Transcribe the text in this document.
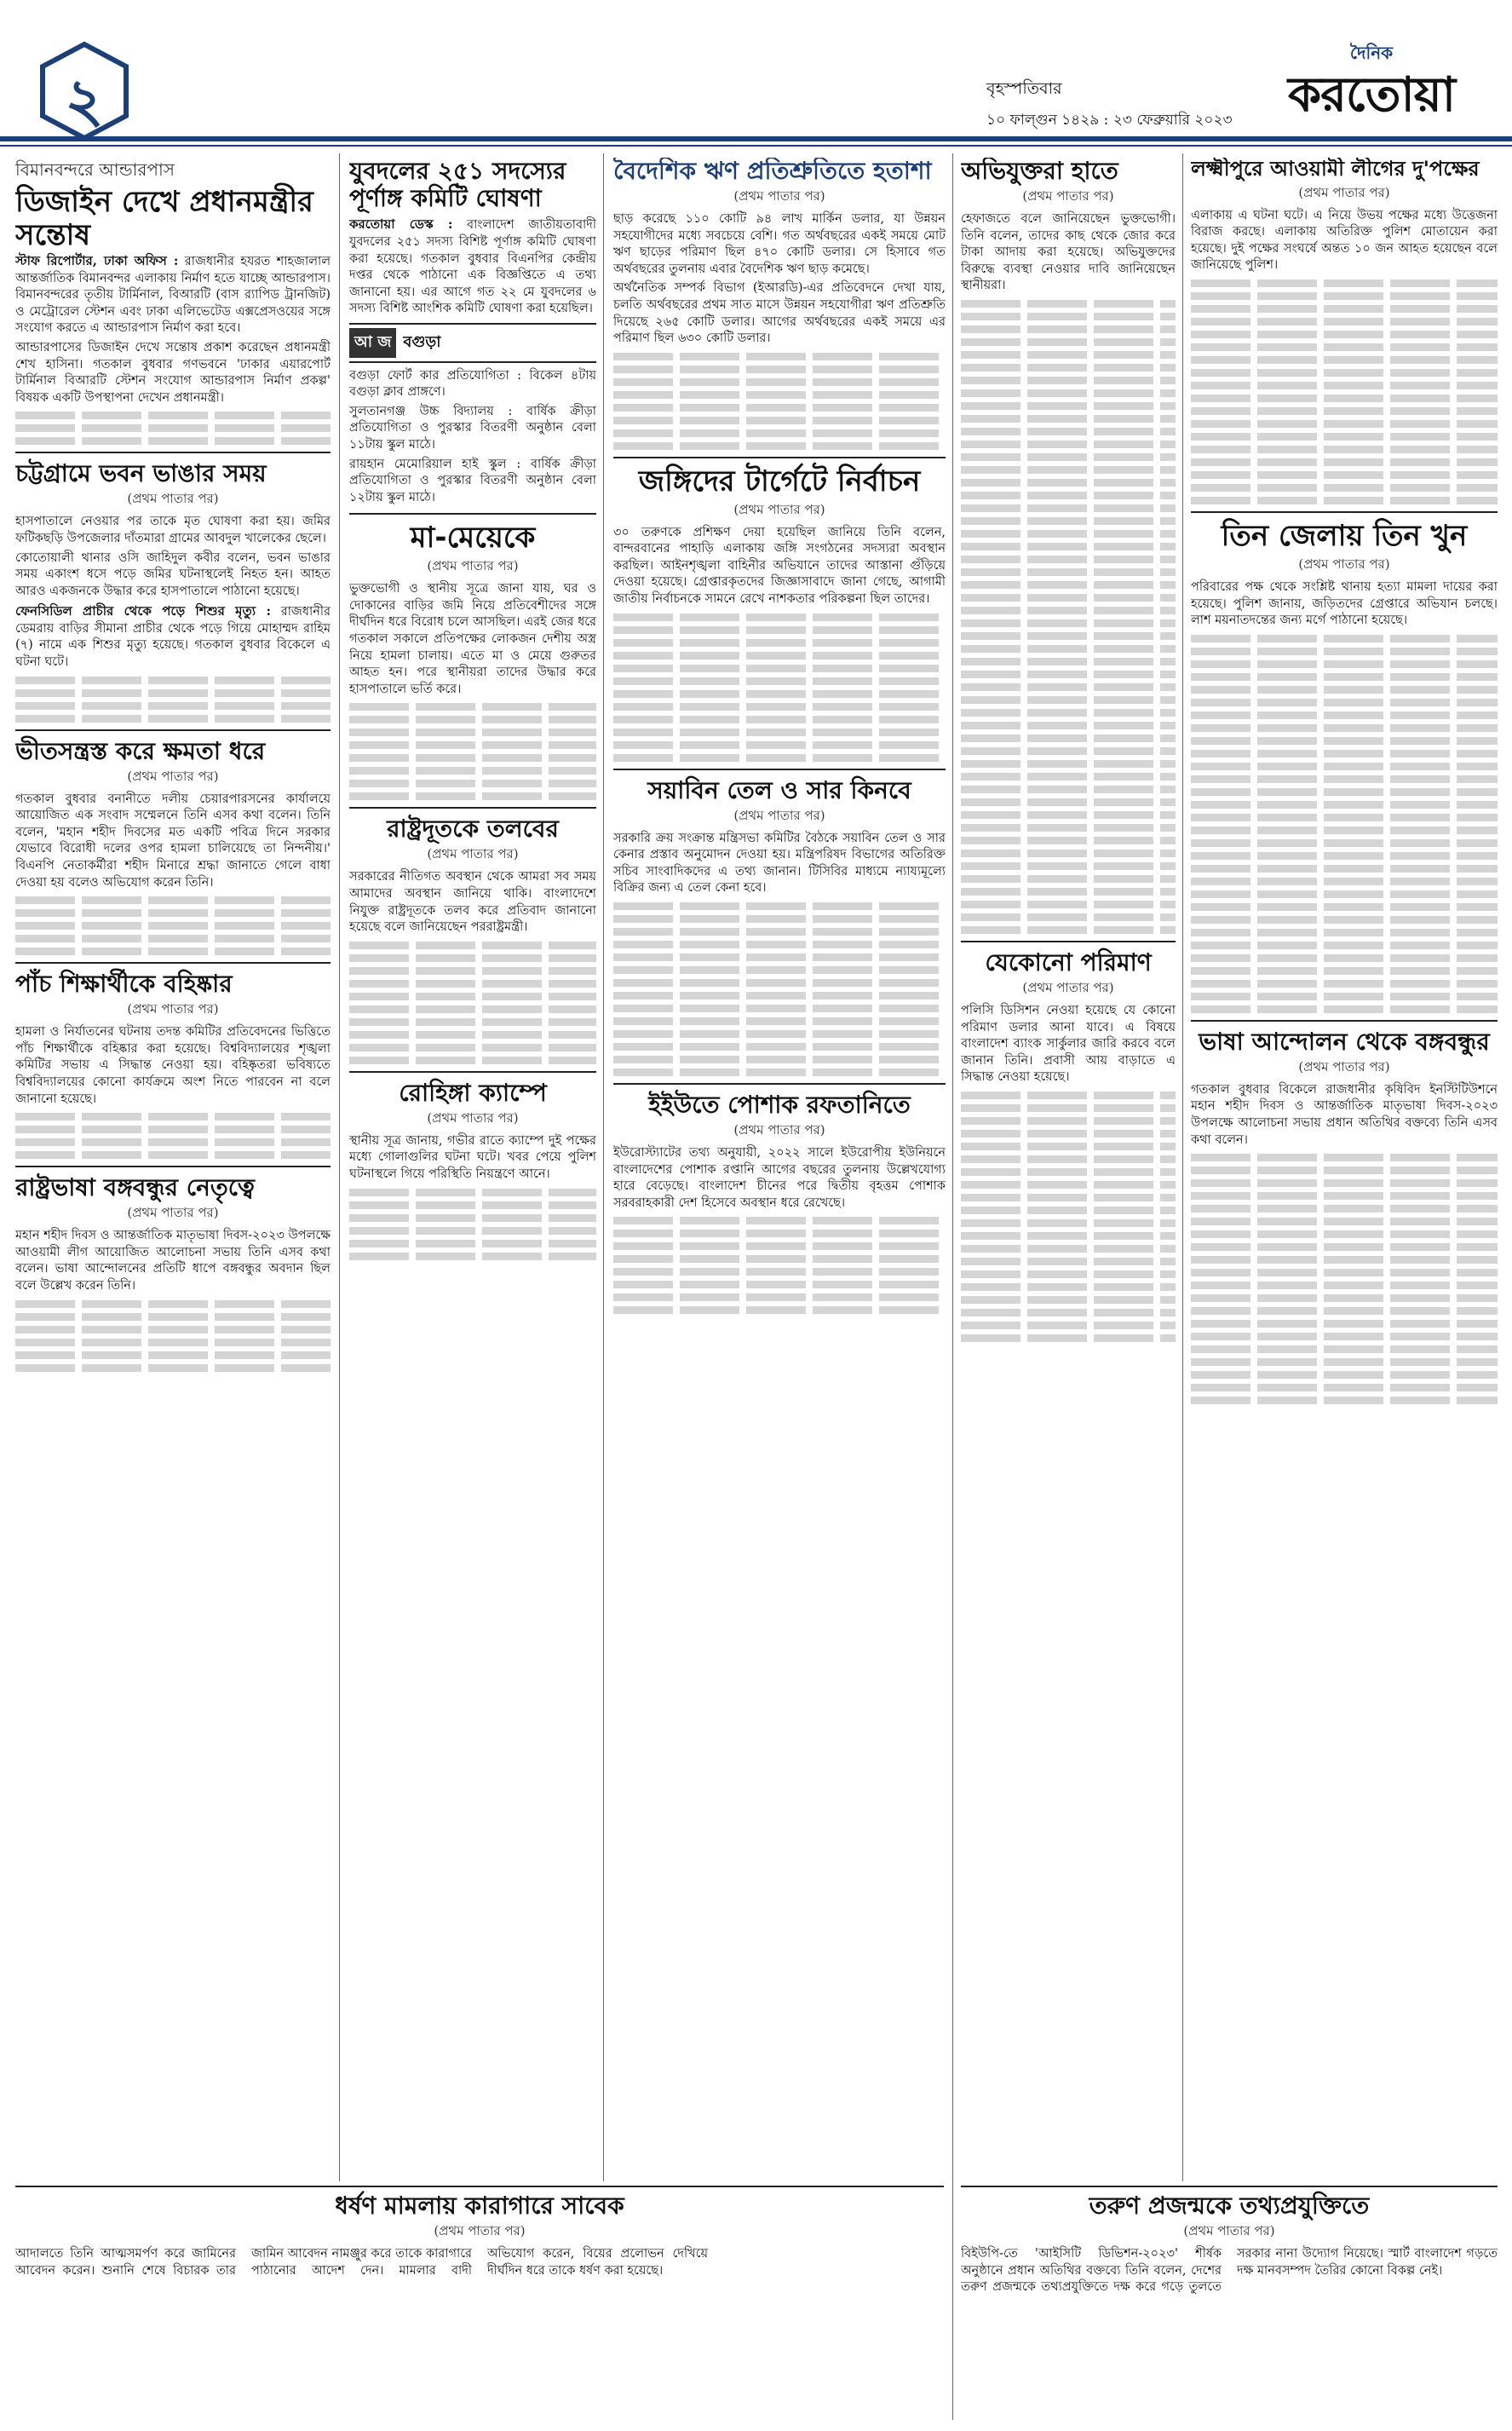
২	বৃহস্পতিবার
দৈনিক
করতোয়া
১০ ফাল্গুন ১৪২৯ : ২৩ ফেব্রুয়ারি ২০২৩
বিমানবন্দরে আন্ডারপাস
ডিজাইন দেখে প্রধানমন্ত্রীর সন্তোষ

স্টাফ রিপোর্টার, ঢাকা অফিস : রাজধানীর হযরত শাহজালাল আন্তর্জাতিক বিমানবন্দর এলাকায় নির্মাণ হতে যাচ্ছে আন্ডারপাস। বিমানবন্দরের তৃতীয় টার্মিনাল, বিআরটি (বাস র‌্যাপিড ট্রানজিট) ও মেট্রোরেল স্টেশন এবং ঢাকা এলিভেটেড এক্সপ্রেসওয়ের সঙ্গে সংযোগ করতে এ আন্ডারপাস নির্মাণ করা হবে।

আন্ডারপাসের ডিজাইন দেখে সন্তোষ প্রকাশ করেছেন প্রধানমন্ত্রী শেখ হাসিনা। গতকাল বুধবার গণভবনে 'ঢাকার এয়ারপোর্ট টার্মিনাল বিআরটি স্টেশন সংযোগ আন্ডারপাস নির্মাণ প্রকল্প' বিষয়ক একটি উপস্থাপনা দেখেন প্রধানমন্ত্রী।

চট্টগ্রামে ভবন ভাঙার সময়
(প্রথম পাতার পর)

হাসপাতালে নেওয়ার পর তাকে মৃত ঘোষণা করা হয়। জমির ফটিকছড়ি উপজেলার দাঁতমারা গ্রামের আবদুল খালেকের ছেলে।

কোতোয়ালী থানার ওসি জাহিদুল কবীর বলেন, ভবন ভাঙার সময় একাংশ ধসে পড়ে জমির ঘটনাস্থলেই নিহত হন। আহত আরও একজনকে উদ্ধার করে হাসপাতালে পাঠানো হয়েছে।

ফেনসিডিল প্রাচীর থেকে পড়ে শিশুর মৃত্যু : রাজধানীর ডেমরায় বাড়ির সীমানা প্রাচীর থেকে পড়ে গিয়ে মোহাম্মদ রাহিম (৭) নামে এক শিশুর মৃত্যু হয়েছে। গতকাল বুধবার বিকেলে এ ঘটনা ঘটে।

ভীতসন্ত্রস্ত করে ক্ষমতা ধরে
(প্রথম পাতার পর)

গতকাল বুধবার বনানীতে দলীয় চেয়ারপারসনের কার্যালয়ে আয়োজিত এক সংবাদ সম্মেলনে তিনি এসব কথা বলেন। তিনি বলেন, 'মহান শহীদ দিবসের মত একটি পবিত্র দিনে সরকার যেভাবে বিরোধী দলের ওপর হামলা চালিয়েছে তা নিন্দনীয়।' বিএনপি নেতাকর্মীরা শহীদ মিনারে শ্রদ্ধা জানাতে গেলে বাধা দেওয়া হয় বলেও অভিযোগ করেন তিনি।

পাঁচ শিক্ষার্থীকে বহিষ্কার
(প্রথম পাতার পর)

হামলা ও নির্যাতনের ঘটনায় তদন্ত কমিটির প্রতিবেদনের ভিত্তিতে পাঁচ শিক্ষার্থীকে বহিষ্কার করা হয়েছে। বিশ্ববিদ্যালয়ের শৃঙ্খলা কমিটির সভায় এ সিদ্ধান্ত নেওয়া হয়। বহিষ্কৃতরা ভবিষ্যতে বিশ্ববিদ্যালয়ের কোনো কার্যক্রমে অংশ নিতে পারবেন না বলে জানানো হয়েছে।

রাষ্ট্রভাষা বঙ্গবন্ধুর নেতৃত্বে
(প্রথম পাতার পর)

মহান শহীদ দিবস ও আন্তর্জাতিক মাতৃভাষা দিবস-২০২৩ উপলক্ষে আওয়ামী লীগ আয়োজিত আলোচনা সভায় তিনি এসব কথা বলেন। ভাষা আন্দোলনের প্রতিটি ধাপে বঙ্গবন্ধুর অবদান ছিল বলে উল্লেখ করেন তিনি।

যুবদলের ২৫১ সদস্যের পূর্ণাঙ্গ কমিটি ঘোষণা

করতোয়া ডেস্ক : বাংলাদেশ জাতীয়তাবাদী যুবদলের ২৫১ সদস্য বিশিষ্ট পূর্ণাঙ্গ কমিটি ঘোষণা করা হয়েছে। গতকাল বুধবার বিএনপির কেন্দ্রীয় দপ্তর থেকে পাঠানো এক বিজ্ঞপ্তিতে এ তথ্য জানানো হয়। এর আগে গত ২২ মে যুবদলের ৬ সদস্য বিশিষ্ট আংশিক কমিটি ঘোষণা করা হয়েছিল।

আ জ বগুড়া

বগুড়া ফোর্ট কার প্রতিযোগিতা : বিকেল ৪টায় বগুড়া ক্লাব প্রাঙ্গণে।

সুলতানগঞ্জ উচ্চ বিদ্যালয় : বার্ষিক ক্রীড়া প্রতিযোগিতা ও পুরস্কার বিতরণী অনুষ্ঠান বেলা ১১টায় স্কুল মাঠে।

রায়হান মেমোরিয়াল হাই স্কুল : বার্ষিক ক্রীড়া প্রতিযোগিতা ও পুরস্কার বিতরণী অনুষ্ঠান বেলা ১২টায় স্কুল মাঠে।

মা-মেয়েকে
(প্রথম পাতার পর)

ভুক্তভোগী ও স্থানীয় সূত্রে জানা যায়, ঘর ও দোকানের বাড়ির জমি নিয়ে প্রতিবেশীদের সঙ্গে দীর্ঘদিন ধরে বিরোধ চলে আসছিল। এরই জের ধরে গতকাল সকালে প্রতিপক্ষের লোকজন দেশীয় অস্ত্র নিয়ে হামলা চালায়। এতে মা ও মেয়ে গুরুতর আহত হন। পরে স্থানীয়রা তাদের উদ্ধার করে হাসপাতালে ভর্তি করে।

রাষ্ট্রদূতকে তলবের
(প্রথম পাতার পর)

সরকারের নীতিগত অবস্থান থেকে আমরা সব সময় আমাদের অবস্থান জানিয়ে থাকি। বাংলাদেশে নিযুক্ত রাষ্ট্রদূতকে তলব করে প্রতিবাদ জানানো হয়েছে বলে জানিয়েছেন পররাষ্ট্রমন্ত্রী।

রোহিঙ্গা ক্যাম্পে
(প্রথম পাতার পর)

স্থানীয় সূত্র জানায়, গভীর রাতে ক্যাম্পে দুই পক্ষের মধ্যে গোলাগুলির ঘটনা ঘটে। খবর পেয়ে পুলিশ ঘটনাস্থলে গিয়ে পরিস্থিতি নিয়ন্ত্রণে আনে।

বৈদেশিক ঋণ প্রতিশ্রুতিতে হতাশা
(প্রথম পাতার পর)

ছাড় করেছে ১১০ কোটি ৯৪ লাখ মার্কিন ডলার, যা উন্নয়ন সহযোগীদের মধ্যে সবচেয়ে বেশি। গত অর্থবছরের একই সময়ে মোট ঋণ ছাড়ের পরিমাণ ছিল ৪৭০ কোটি ডলার। সে হিসাবে গত অর্থবছরের তুলনায় এবার বৈদেশিক ঋণ ছাড় কমেছে।

অর্থনৈতিক সম্পর্ক বিভাগ (ইআরডি)-এর প্রতিবেদনে দেখা যায়, চলতি অর্থবছরের প্রথম সাত মাসে উন্নয়ন সহযোগীরা ঋণ প্রতিশ্রুতি দিয়েছে ২৬৫ কোটি ডলার। আগের অর্থবছরের একই সময়ে এর পরিমাণ ছিল ৬৩০ কোটি ডলার।

জঙ্গিদের টার্গেটে নির্বাচন
(প্রথম পাতার পর)

৩০ তরুণকে প্রশিক্ষণ দেয়া হয়েছিল জানিয়ে তিনি বলেন, বান্দরবানের পাহাড়ি এলাকায় জঙ্গি সংগঠনের সদস্যরা অবস্থান করছিল। আইনশৃঙ্খলা বাহিনীর অভিযানে তাদের আস্তানা গুঁড়িয়ে দেওয়া হয়েছে। গ্রেপ্তারকৃতদের জিজ্ঞাসাবাদে জানা গেছে, আগামী জাতীয় নির্বাচনকে সামনে রেখে নাশকতার পরিকল্পনা ছিল তাদের।

সয়াবিন তেল ও সার কিনবে
(প্রথম পাতার পর)

সরকারি ক্রয় সংক্রান্ত মন্ত্রিসভা কমিটির বৈঠকে সয়াবিন তেল ও সার কেনার প্রস্তাব অনুমোদন দেওয়া হয়। মন্ত্রিপরিষদ বিভাগের অতিরিক্ত সচিব সাংবাদিকদের এ তথ্য জানান। টিসিবির মাধ্যমে ন্যায্যমূল্যে বিক্রির জন্য এ তেল কেনা হবে।

ইইউতে পোশাক রফতানিতে
(প্রথম পাতার পর)

ইউরোস্ট্যাটের তথ্য অনুযায়ী, ২০২২ সালে ইউরোপীয় ইউনিয়নে বাংলাদেশের পোশাক রপ্তানি আগের বছরের তুলনায় উল্লেখযোগ্য হারে বেড়েছে। বাংলাদেশ চীনের পরে দ্বিতীয় বৃহত্তম পোশাক সরবরাহকারী দেশ হিসেবে অবস্থান ধরে রেখেছে।

অভিযুক্তরা হাতে
(প্রথম পাতার পর)

হেফাজতে বলে জানিয়েছেন ভুক্তভোগী। তিনি বলেন, তাদের কাছ থেকে জোর করে টাকা আদায় করা হয়েছে। অভিযুক্তদের বিরুদ্ধে ব্যবস্থা নেওয়ার দাবি জানিয়েছেন স্থানীয়রা।

যেকোনো পরিমাণ
(প্রথম পাতার পর)

পলিসি ডিসিশন নেওয়া হয়েছে যে কোনো পরিমাণ ডলার আনা যাবে। এ বিষয়ে বাংলাদেশ ব্যাংক সার্কুলার জারি করবে বলে জানান তিনি। প্রবাসী আয় বাড়াতে এ সিদ্ধান্ত নেওয়া হয়েছে।

লক্ষ্মীপুরে আওয়ামী লীগের দু'পক্ষের
(প্রথম পাতার পর)

এলাকায় এ ঘটনা ঘটে। এ নিয়ে উভয় পক্ষের মধ্যে উত্তেজনা বিরাজ করছে। এলাকায় অতিরিক্ত পুলিশ মোতায়েন করা হয়েছে। দুই পক্ষের সংঘর্ষে অন্তত ১০ জন আহত হয়েছেন বলে জানিয়েছে পুলিশ।

তিন জেলায় তিন খুন
(প্রথম পাতার পর)

পরিবারের পক্ষ থেকে সংশ্লিষ্ট থানায় হত্যা মামলা দায়ের করা হয়েছে। পুলিশ জানায়, জড়িতদের গ্রেপ্তারে অভিযান চলছে। লাশ ময়নাতদন্তের জন্য মর্গে পাঠানো হয়েছে।

ভাষা আন্দোলন থেকে বঙ্গবন্ধুর
(প্রথম পাতার পর)

গতকাল বুধবার বিকেলে রাজধানীর কৃষিবিদ ইনস্টিটিউশনে মহান শহীদ দিবস ও আন্তর্জাতিক মাতৃভাষা দিবস-২০২৩ উপলক্ষে আলোচনা সভায় প্রধান অতিথির বক্তব্যে তিনি এসব কথা বলেন।

ধর্ষণ মামলায় কারাগারে সাবেক
(প্রথম পাতার পর)

আদালতে তিনি আত্মসমর্পণ করে জামিনের আবেদন করেন। শুনানি শেষে বিচারক তার জামিন আবেদন নামঞ্জুর করে তাকে কারাগারে পাঠানোর আদেশ দেন। মামলার বাদী অভিযোগ করেন, বিয়ের প্রলোভন দেখিয়ে দীর্ঘদিন ধরে তাকে ধর্ষণ করা হয়েছে।

তরুণ প্রজন্মকে তথ্যপ্রযুক্তিতে
(প্রথম পাতার পর)

বিইউপি-তে 'আইসিটি ডিভিশন-২০২৩' শীর্ষক অনুষ্ঠানে প্রধান অতিথির বক্তব্যে তিনি বলেন, দেশের তরুণ প্রজন্মকে তথ্যপ্রযুক্তিতে দক্ষ করে গড়ে তুলতে সরকার নানা উদ্যোগ নিয়েছে। স্মার্ট বাংলাদেশ গড়তে দক্ষ মানবসম্পদ তৈরির কোনো বিকল্প নেই।
